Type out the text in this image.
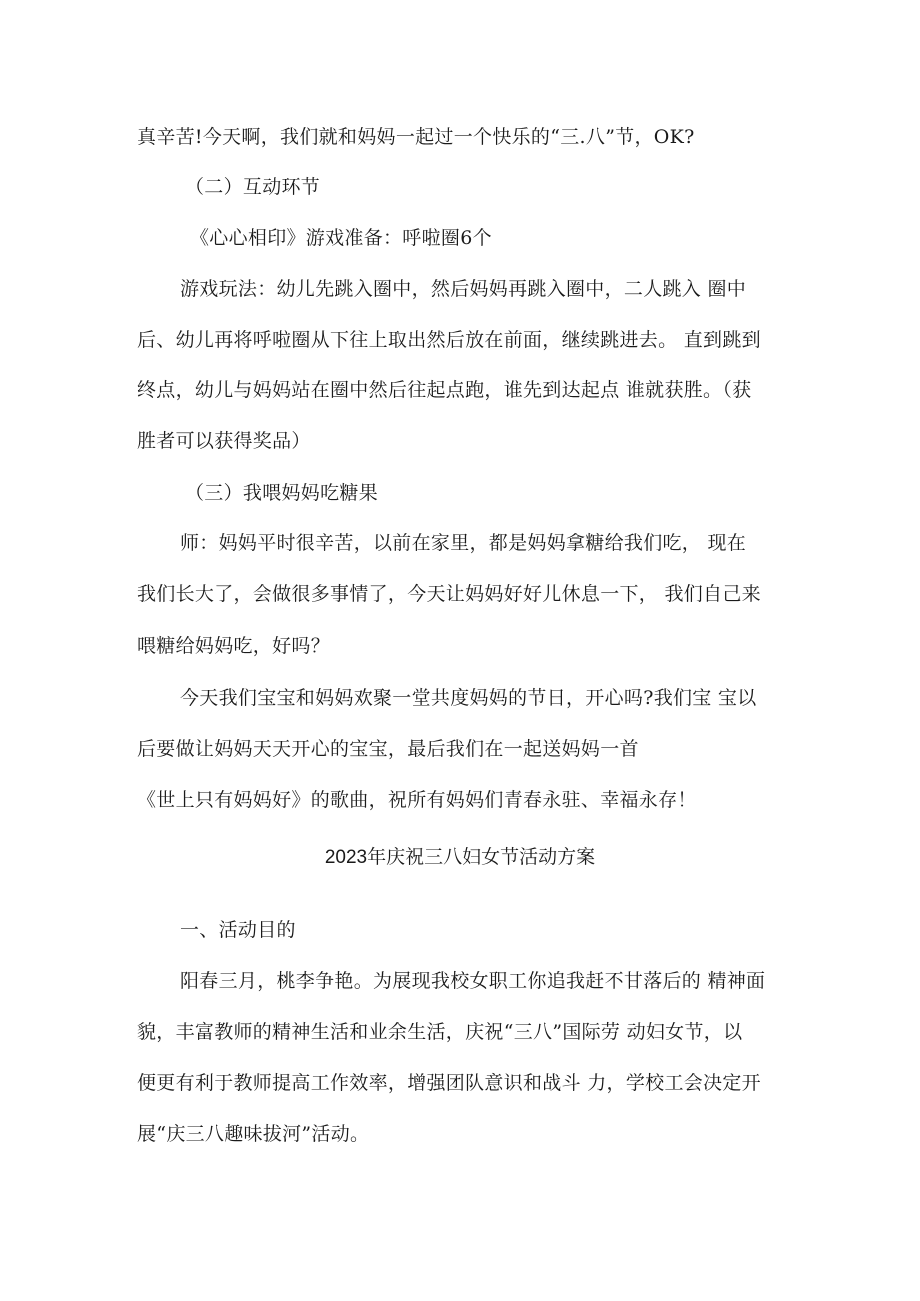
真辛苦!今天啊，我们就和妈妈一起过一个快乐的“三.八”节，OK?
（二）互动环节
《心心相印》游戏准备：呼啦圈6个
游戏玩法：幼儿先跳入圈中，然后妈妈再跳入圈中，二人跳入 圈中
后、幼儿再将呼啦圈从下往上取出然后放在前面，继续跳进去。 直到跳到
终点，幼儿与妈妈站在圈中然后往起点跑，谁先到达起点 谁就获胜。（获
胜者可以获得奖品）
（三）我喂妈妈吃糖果
师：妈妈平时很辛苦，以前在家里，都是妈妈拿糖给我们吃， 现在
我们长大了，会做很多事情了，今天让妈妈好好儿休息一下， 我们自己来
喂糖给妈妈吃，好吗？
今天我们宝宝和妈妈欢聚一堂共度妈妈的节日，开心吗?我们宝 宝以
后要做让妈妈天天开心的宝宝，最后我们在一起送妈妈一首
《世上只有妈妈好》的歌曲，祝所有妈妈们青春永驻、幸福永存！
2023年庆祝三八妇女节活动方案
一、活动目的
阳春三月，桃李争艳。为展现我校女职工你追我赶不甘落后的 精神面
貌，丰富教师的精神生活和业余生活，庆祝“三八”国际劳 动妇女节，以
便更有利于教师提高工作效率，增强团队意识和战斗 力，学校工会决定开
展“庆三八趣味拔河”活动。
